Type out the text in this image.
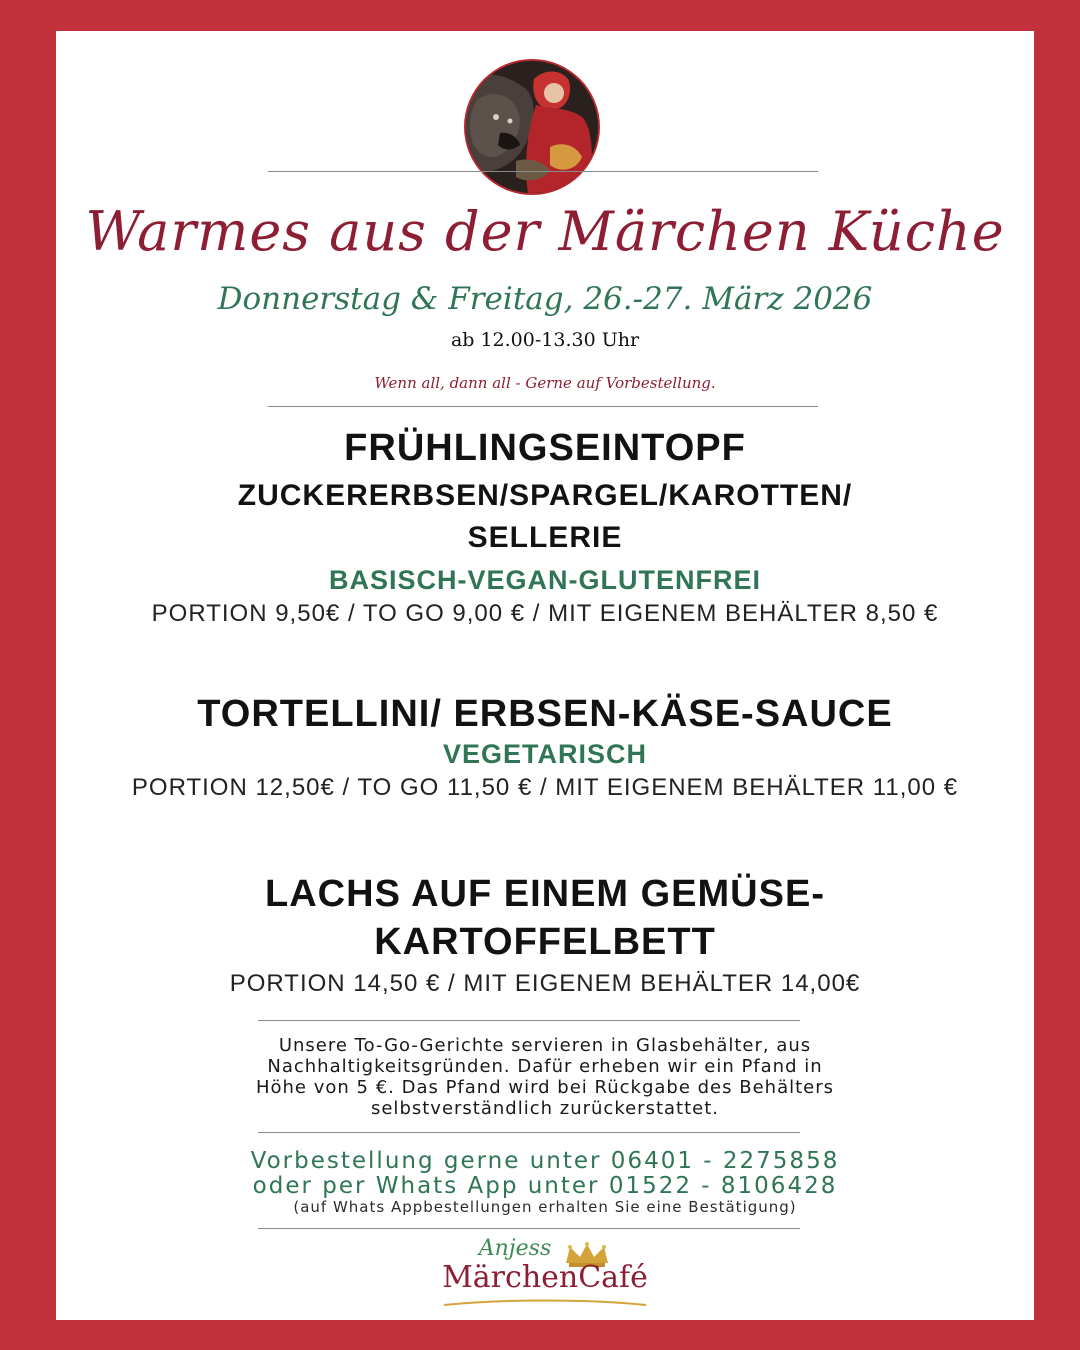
Warmes aus der Märchen Küche
Donnerstag & Freitag, 26.-27. März 2026
ab 12.00-13.30 Uhr
Wenn all, dann all - Gerne auf Vorbestellung.
FRÜHLINGSEINTOPF
ZUCKERERBSEN/SPARGEL/KAROTTEN/
SELLERIE
BASISCH-VEGAN-GLUTENFREI
PORTION 9,50€ / TO GO 9,00 € / MIT EIGENEM BEHÄLTER 8,50 €
TORTELLINI/ ERBSEN-KÄSE-SAUCE
VEGETARISCH
PORTION 12,50€ / TO GO 11,50 € / MIT EIGENEM BEHÄLTER 11,00 €
LACHS AUF EINEM GEMÜSE-
KARTOFFELBETT
PORTION 14,50 € / MIT EIGENEM BEHÄLTER 14,00€
Unsere To-Go-Gerichte servieren in Glasbehälter, aus
Nachhaltigkeitsgründen. Dafür erheben wir ein Pfand in
Höhe von 5 €. Das Pfand wird bei Rückgabe des Behälters
selbstverständlich zurückerstattet.
Vorbestellung gerne unter 06401 - 2275858
oder per Whats App unter 01522 - 8106428
(auf Whats Appbestellungen erhalten Sie eine Bestätigung)
Anjess
MärchenCafé
